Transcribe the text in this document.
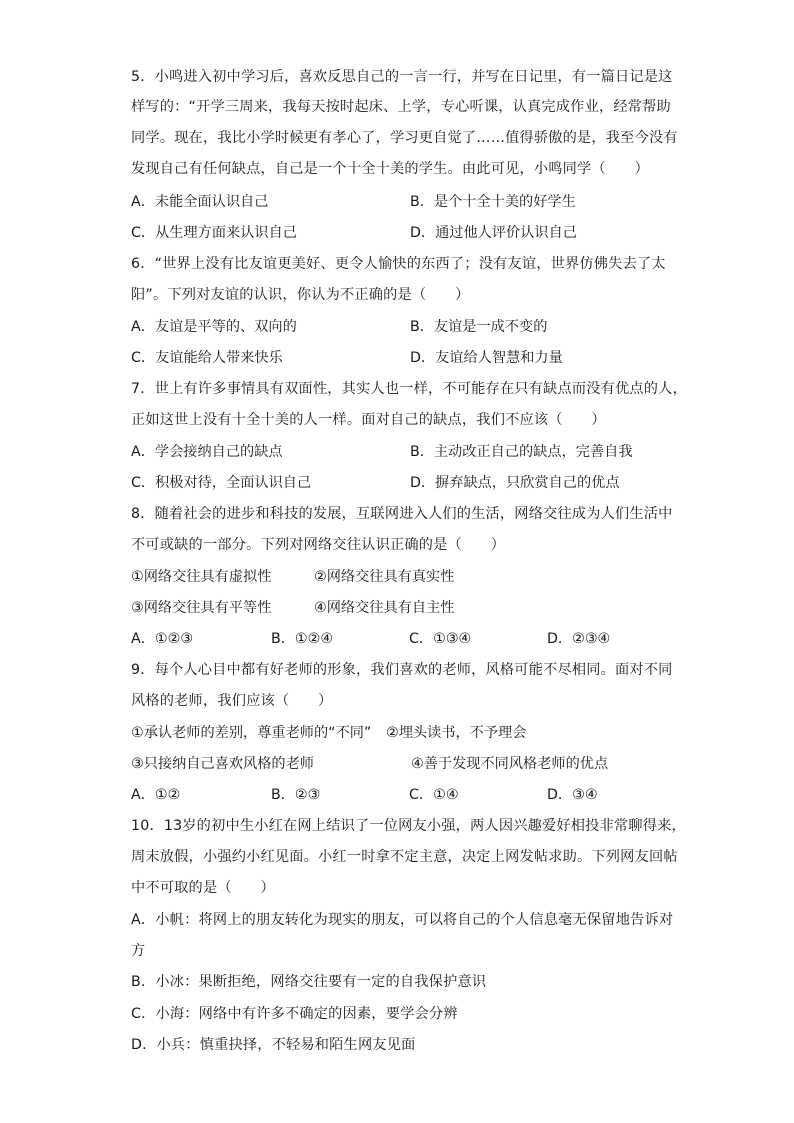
5．小鸣进入初中学习后，喜欢反思自己的一言一行，并写在日记里，有一篇日记是这
样写的：“开学三周来，我每天按时起床、上学，专心听课，认真完成作业，经常帮助
同学。现在，我比小学时候更有孝心了，学习更自觉了……值得骄傲的是，我至今没有
发现自己有任何缺点，自己是一个十全十美的学生。由此可见，小鸣同学（　　）
A．未能全面认识自己	B．是个十全十美的好学生
C．从生理方面来认识自己	D．通过他人评价认识自己
6．“世界上没有比友谊更美好、更令人愉快的东西了；没有友谊，世界仿佛失去了太
阳”。下列对友谊的认识，你认为不正确的是（　　）
A．友谊是平等的、双向的	B．友谊是一成不变的
C．友谊能给人带来快乐	D．友谊给人智慧和力量
7．世上有许多事情具有双面性，其实人也一样，不可能存在只有缺点而没有优点的人，
正如这世上没有十全十美的人一样。面对自己的缺点，我们不应该（　　）
A．学会接纳自己的缺点	B．主动改正自己的缺点，完善自我
C．积极对待，全面认识自己	D．摒弃缺点，只欣赏自己的优点
8．随着社会的进步和科技的发展，互联网进入人们的生活，网络交往成为人们生活中
不可或缺的一部分。下列对网络交往认识正确的是（　　）
①网络交往具有虚拟性	②网络交往具有真实性
③网络交往具有平等性	④网络交往具有自主性
A．①②③	B．①②④	C．①③④	D．②③④
9．每个人心目中都有好老师的形象，我们喜欢的老师，风格可能不尽相同。面对不同
风格的老师，我们应该（　　）
①承认老师的差别，尊重老师的“不同” ②埋头读书，不予理会
③只接纳自己喜欢风格的老师	④善于发现不同风格老师的优点
A．①②	B．②③	C．①④	D．③④
10．13岁的初中生小红在网上结识了一位网友小强，两人因兴趣爱好相投非常聊得来，
周末放假，小强约小红见面。小红一时拿不定主意，决定上网发帖求助。下列网友回帖
中不可取的是（　　）
A．小帆：将网上的朋友转化为现实的朋友，可以将自己的个人信息毫无保留地告诉对
方
B．小冰：果断拒绝，网络交往要有一定的自我保护意识
C．小海：网络中有许多不确定的因素，要学会分辨
D．小兵：慎重抉择，不轻易和陌生网友见面
